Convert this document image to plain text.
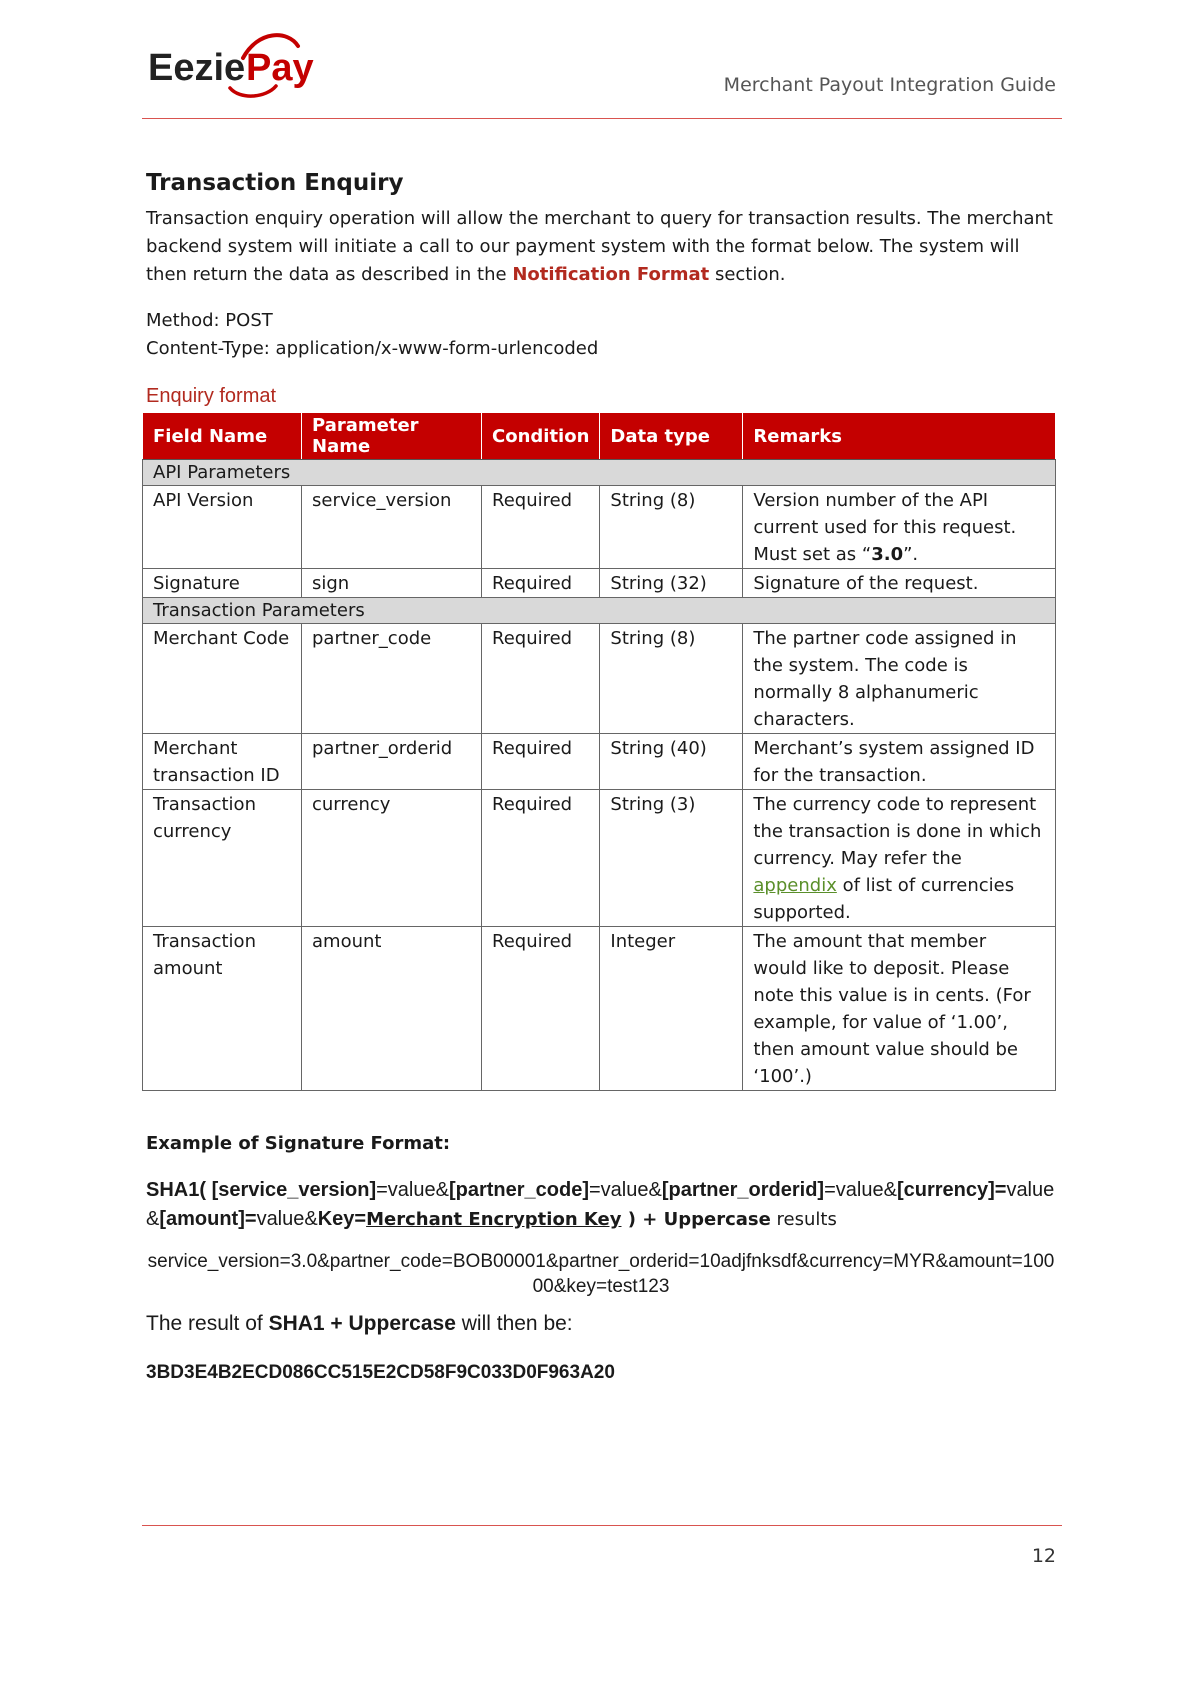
Eezie Pay	Merchant Payout Integration Guide
Transaction Enquiry

Transaction enquiry operation will allow the merchant to query for transaction results. The merchant backend system will initiate a call to our payment system with the format below. The system will then return the data as described in the Notification Format section.

Method: POST
Content-Type: application/x-www-form-urlencoded
Enquiry format
Field Name	Parameter Name	Condition	Data type	Remarks
API Parameters				
API Version	service_version	Required	String (8)	Version number of the API current used for this request. Must set as “3.0”.
Signature	sign	Required	String (32)	Signature of the request.
Transaction Parameters				
Merchant Code	partner_code	Required	String (8)	The partner code assigned in the system. The code is normally 8 alphanumeric characters.
Merchant transaction ID	partner_orderid	Required	String (40)	Merchant’s system assigned ID for the transaction.
Transaction currency	currency	Required	String (3)	The currency code to represent the transaction is done in which currency. May refer the appendix of list of currencies supported.
Transaction amount	amount	Required	Integer	The amount that member would like to deposit. Please note this value is in cents. (For example, for value of ‘1.00’, then amount value should be ‘100’.)
Example of Signature Format:
SHA1( [service_version]=value&[partner_code]=value&[partner_orderid]=value&[currency]=value&[amount]=value&Key=Merchant Encryption Key ) + Uppercase results
service_version=3.0&partner_code=BOB00001&partner_orderid=10adjfnksdf&currency=MYR&amount=10000&key=test123
The result of SHA1 + Uppercase will then be:
3BD3E4B2ECD086CC515E2CD58F9C033D0F963A20
12
